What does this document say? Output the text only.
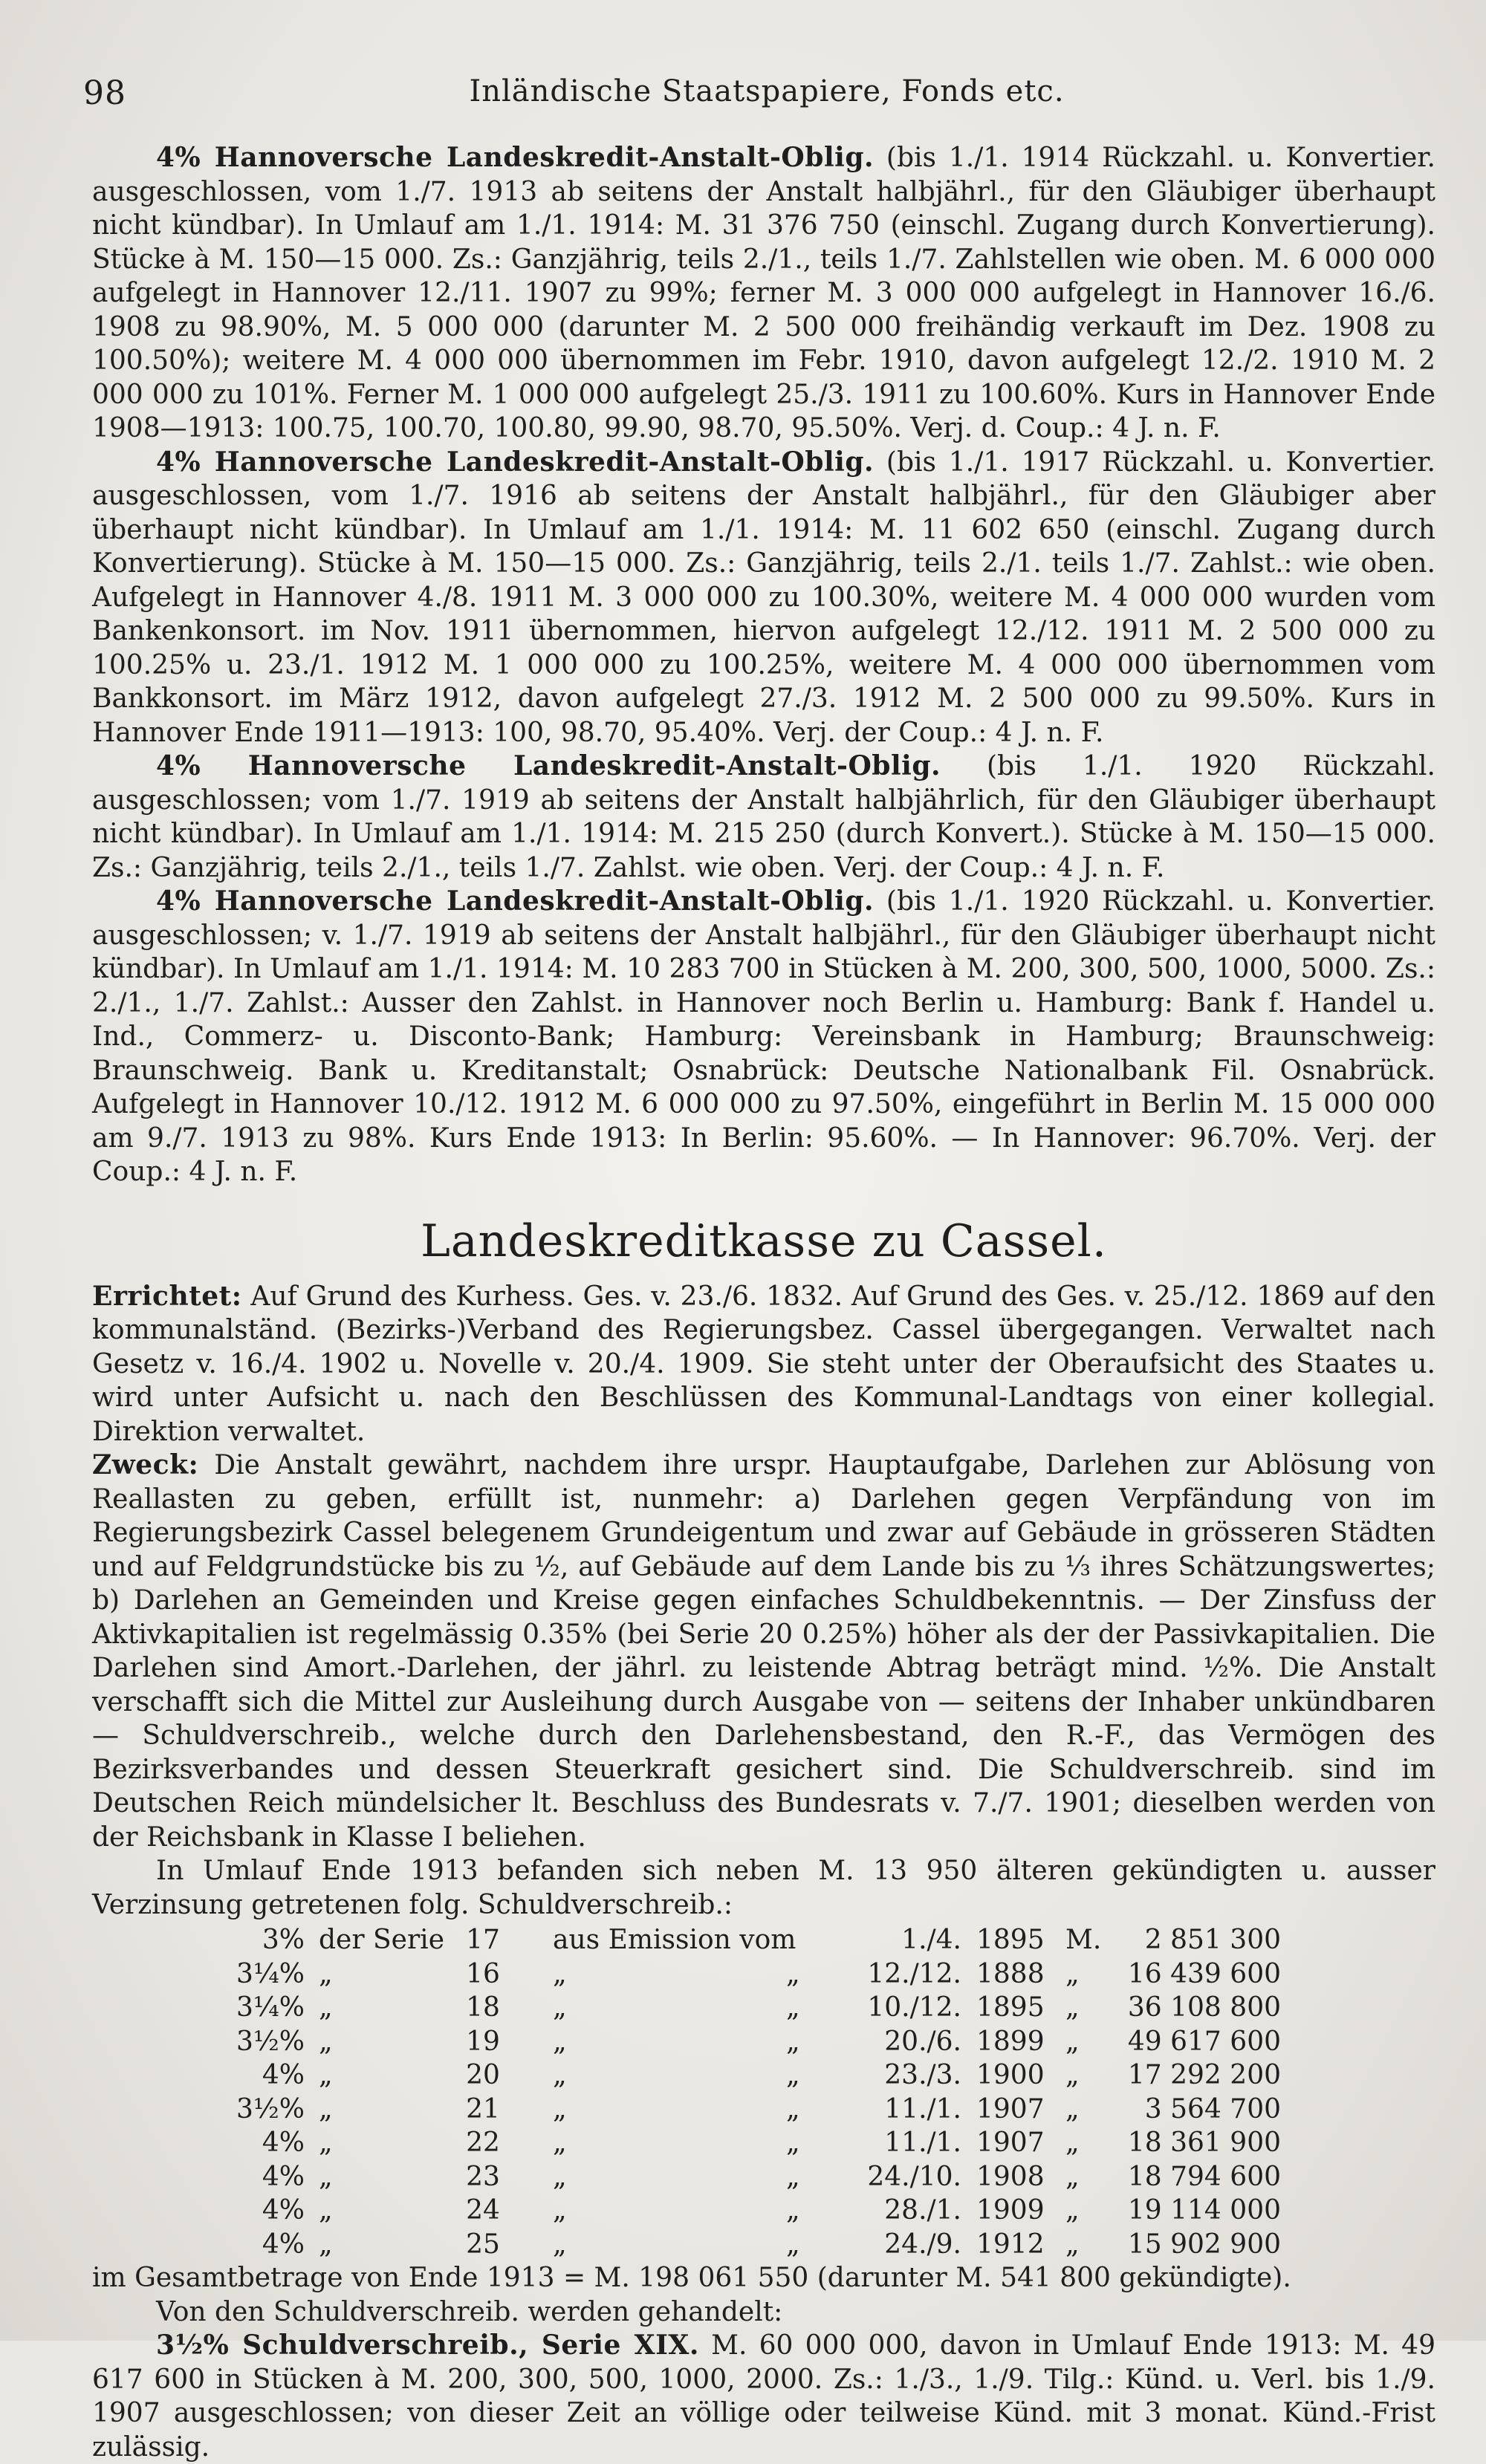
98	Inländische Staatspapiere, Fonds etc.

4% Hannoversche Landeskredit-Anstalt-Oblig. (bis 1./1. 1914 Rückzahl. u. Konvertier. ausgeschlossen, vom 1./7. 1913 ab seitens der Anstalt halbjährl., für den Gläubiger überhaupt nicht kündbar). In Umlauf am 1./1. 1914: M. 31 376 750 (einschl. Zugang durch Konvertierung). Stücke à M. 150—15 000. Zs.: Ganzjährig, teils 2./1., teils 1./7. Zahlstellen wie oben. M. 6 000 000 aufgelegt in Hannover 12./11. 1907 zu 99%; ferner M. 3 000 000 aufgelegt in Hannover 16./6. 1908 zu 98.90%, M. 5 000 000 (darunter M. 2 500 000 freihändig verkauft im Dez. 1908 zu 100.50%); weitere M. 4 000 000 übernommen im Febr. 1910, davon aufgelegt 12./2. 1910 M. 2 000 000 zu 101%. Ferner M. 1 000 000 aufgelegt 25./3. 1911 zu 100.60%. Kurs in Hannover Ende 1908—1913: 100.75, 100.70, 100.80, 99.90, 98.70, 95.50%. Verj. d. Coup.: 4 J. n. F.

4% Hannoversche Landeskredit-Anstalt-Oblig. (bis 1./1. 1917 Rückzahl. u. Konvertier. ausgeschlossen, vom 1./7. 1916 ab seitens der Anstalt halbjährl., für den Gläubiger aber überhaupt nicht kündbar). In Umlauf am 1./1. 1914: M. 11 602 650 (einschl. Zugang durch Konvertierung). Stücke à M. 150—15 000. Zs.: Ganzjährig, teils 2./1. teils 1./7. Zahlst.: wie oben. Aufgelegt in Hannover 4./8. 1911 M. 3 000 000 zu 100.30%, weitere M. 4 000 000 wurden vom Bankenkonsort. im Nov. 1911 übernommen, hiervon aufgelegt 12./12. 1911 M. 2 500 000 zu 100.25% u. 23./1. 1912 M. 1 000 000 zu 100.25%, weitere M. 4 000 000 übernommen vom Bankkonsort. im März 1912, davon aufgelegt 27./3. 1912 M. 2 500 000 zu 99.50%. Kurs in Hannover Ende 1911—1913: 100, 98.70, 95.40%. Verj. der Coup.: 4 J. n. F.

4% Hannoversche Landeskredit-Anstalt-Oblig. (bis 1./1. 1920 Rückzahl. ausgeschlossen; vom 1./7. 1919 ab seitens der Anstalt halbjährlich, für den Gläubiger überhaupt nicht kündbar). In Umlauf am 1./1. 1914: M. 215 250 (durch Konvert.). Stücke à M. 150—15 000. Zs.: Ganzjährig, teils 2./1., teils 1./7. Zahlst. wie oben. Verj. der Coup.: 4 J. n. F.

4% Hannoversche Landeskredit-Anstalt-Oblig. (bis 1./1. 1920 Rückzahl. u. Konvertier. ausgeschlossen; v. 1./7. 1919 ab seitens der Anstalt halbjährl., für den Gläubiger überhaupt nicht kündbar). In Umlauf am 1./1. 1914: M. 10 283 700 in Stücken à M. 200, 300, 500, 1000, 5000. Zs.: 2./1., 1./7. Zahlst.: Ausser den Zahlst. in Hannover noch Berlin u. Hamburg: Bank f. Handel u. Ind., Commerz- u. Disconto-Bank; Hamburg: Vereinsbank in Hamburg; Braunschweig: Braunschweig. Bank u. Kreditanstalt; Osnabrück: Deutsche Nationalbank Fil. Osnabrück. Aufgelegt in Hannover 10./12. 1912 M. 6 000 000 zu 97.50%, eingeführt in Berlin M. 15 000 000 am 9./7. 1913 zu 98%. Kurs Ende 1913: In Berlin: 95.60%. — In Hannover: 96.70%. Verj. der Coup.: 4 J. n. F.

Landeskreditkasse zu Cassel.

Errichtet: Auf Grund des Kurhess. Ges. v. 23./6. 1832. Auf Grund des Ges. v. 25./12. 1869 auf den kommunalständ. (Bezirks-)Verband des Regierungsbez. Cassel übergegangen. Verwaltet nach Gesetz v. 16./4. 1902 u. Novelle v. 20./4. 1909. Sie steht unter der Oberaufsicht des Staates u. wird unter Aufsicht u. nach den Beschlüssen des Kommunal-Landtags von einer kollegial. Direktion verwaltet.

Zweck: Die Anstalt gewährt, nachdem ihre urspr. Hauptaufgabe, Darlehen zur Ablösung von Reallasten zu geben, erfüllt ist, nunmehr: a) Darlehen gegen Verpfändung von im Regierungsbezirk Cassel belegenem Grundeigentum und zwar auf Gebäude in grösseren Städten und auf Feldgrundstücke bis zu ½, auf Gebäude auf dem Lande bis zu ⅓ ihres Schätzungswertes; b) Darlehen an Gemeinden und Kreise gegen einfaches Schuldbekenntnis. — Der Zinsfuss der Aktivkapitalien ist regelmässig 0.35% (bei Serie 20 0.25%) höher als der der Passivkapitalien. Die Darlehen sind Amort.-Darlehen, der jährl. zu leistende Abtrag beträgt mind. ½%. Die Anstalt verschafft sich die Mittel zur Ausleihung durch Ausgabe von — seitens der Inhaber unkündbaren — Schuldverschreib., welche durch den Darlehensbestand, den R.-F., das Vermögen des Bezirksverbandes und dessen Steuerkraft gesichert sind. Die Schuldverschreib. sind im Deutschen Reich mündelsicher lt. Beschluss des Bundesrats v. 7./7. 1901; dieselben werden von der Reichsbank in Klasse I beliehen.

In Umlauf Ende 1913 befanden sich neben M. 13 950 älteren gekündigten u. ausser Verzinsung getretenen folg. Schuldverschreib.:

3% der Serie 17	aus Emission vom	1./4. 1895 M.	2 851 300
3¼% „	16	„	„	12./12. 1888 „	16 439 600
3¼% „	18	„	„	10./12. 1895 „	36 108 800
3½% „	19	„	„	20./6. 1899 „	49 617 600
4% „	20	„	„	23./3. 1900 „	17 292 200
3½% „	21	„	„	11./1. 1907 „	3 564 700
4% „	22	„	„	11./1. 1907 „	18 361 900
4% „	23	„	„	24./10. 1908 „	18 794 600
4% „	24	„	„	28./1. 1909 „	19 114 000
4% „	25	„	„	24./9. 1912 „	15 902 900

im Gesamtbetrage von Ende 1913 = M. 198 061 550 (darunter M. 541 800 gekündigte).

Von den Schuldverschreib. werden gehandelt:

3½% Schuldverschreib., Serie XIX. M. 60 000 000, davon in Umlauf Ende 1913: M. 49 617 600 in Stücken à M. 200, 300, 500, 1000, 2000. Zs.: 1./3., 1./9. Tilg.: Künd. u. Verl. bis 1./9. 1907 ausgeschlossen; von dieser Zeit an völlige oder teilweise Künd. mit 3 monat. Künd.-Frist zulässig.
